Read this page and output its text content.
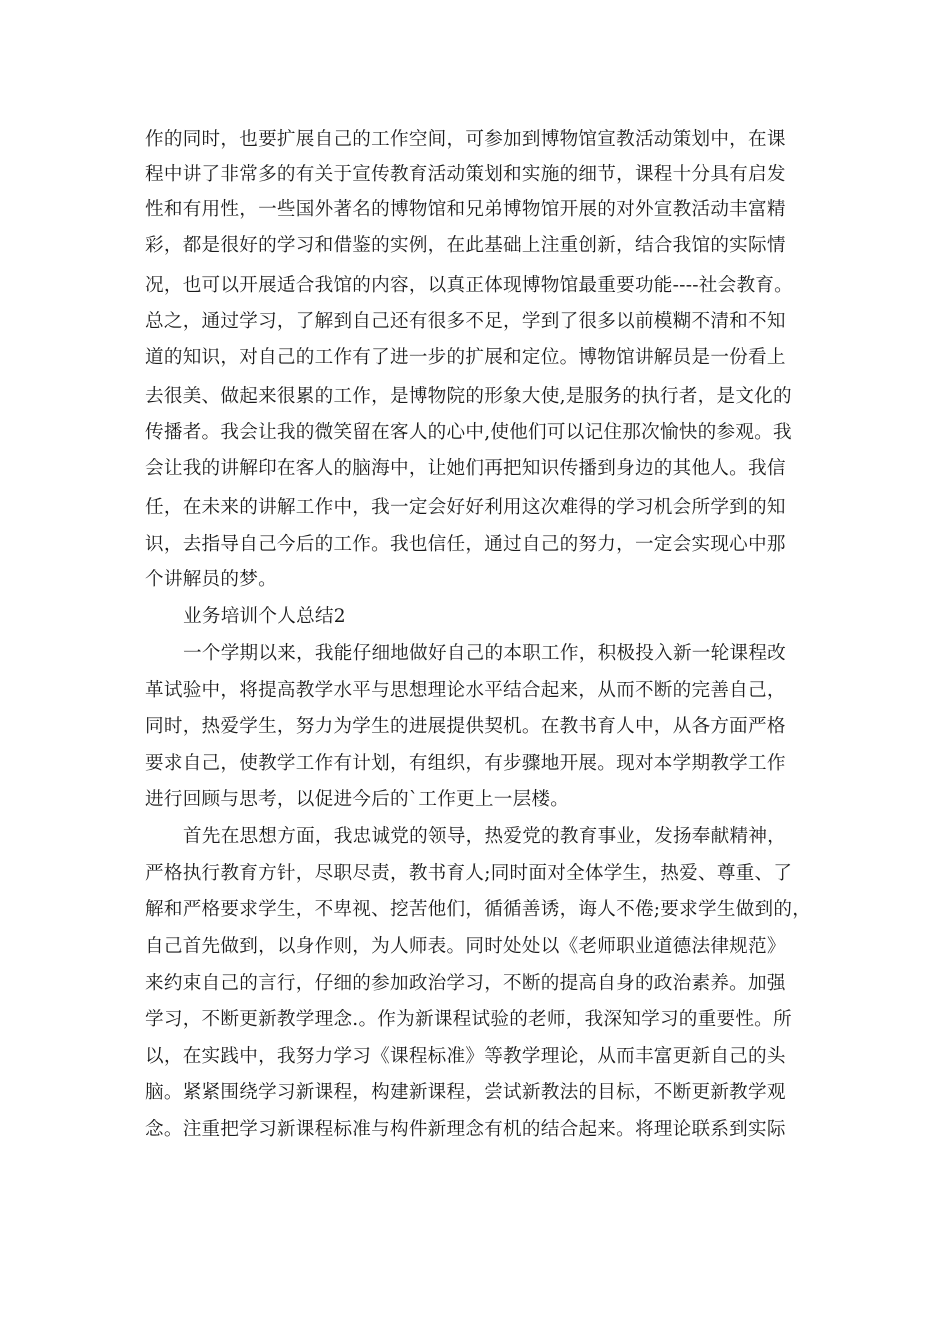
作的同时，也要扩展自己的工作空间，可参加到博物馆宣教活动策划中，在课
程中讲了非常多的有关于宣传教育活动策划和实施的细节，课程十分具有启发
性和有用性，一些国外著名的博物馆和兄弟博物馆开展的对外宣教活动丰富精
彩，都是很好的学习和借鉴的实例，在此基础上注重创新，结合我馆的实际情
况，也可以开展适合我馆的内容，以真正体现博物馆最重要功能----社会教育。
总之，通过学习，了解到自己还有很多不足，学到了很多以前模糊不清和不知
道的知识，对自己的工作有了进一步的扩展和定位。博物馆讲解员是一份看上
去很美、做起来很累的工作，是博物院的形象大使,是服务的执行者，是文化的
传播者。我会让我的微笑留在客人的心中,使他们可以记住那次愉快的参观。我
会让我的讲解印在客人的脑海中，让她们再把知识传播到身边的其他人。我信
任，在未来的讲解工作中，我一定会好好利用这次难得的学习机会所学到的知
识，去指导自己今后的工作。我也信任，通过自己的努力，一定会实现心中那
个讲解员的梦。
业务培训个人总结2
一个学期以来，我能仔细地做好自己的本职工作，积极投入新一轮课程改
革试验中，将提高教学水平与思想理论水平结合起来，从而不断的完善自己，
同时，热爱学生，努力为学生的进展提供契机。在教书育人中，从各方面严格
要求自己，使教学工作有计划，有组织，有步骤地开展。现对本学期教学工作
进行回顾与思考，以促进今后的`工作更上一层楼。
首先在思想方面，我忠诚党的领导，热爱党的教育事业，发扬奉献精神，
严格执行教育方针，尽职尽责，教书育人;同时面对全体学生，热爱、尊重、了
解和严格要求学生，不卑视、挖苦他们，循循善诱，诲人不倦;要求学生做到的，
自己首先做到，以身作则，为人师表。同时处处以《老师职业道德法律规范》
来约束自己的言行，仔细的参加政治学习，不断的提高自身的政治素养。加强
学习，不断更新教学理念.。作为新课程试验的老师，我深知学习的重要性。所
以，在实践中，我努力学习《课程标准》等教学理论，从而丰富更新自己的头
脑。紧紧围绕学习新课程，构建新课程，尝试新教法的目标，不断更新教学观
念。注重把学习新课程标准与构件新理念有机的结合起来。将理论联系到实际
